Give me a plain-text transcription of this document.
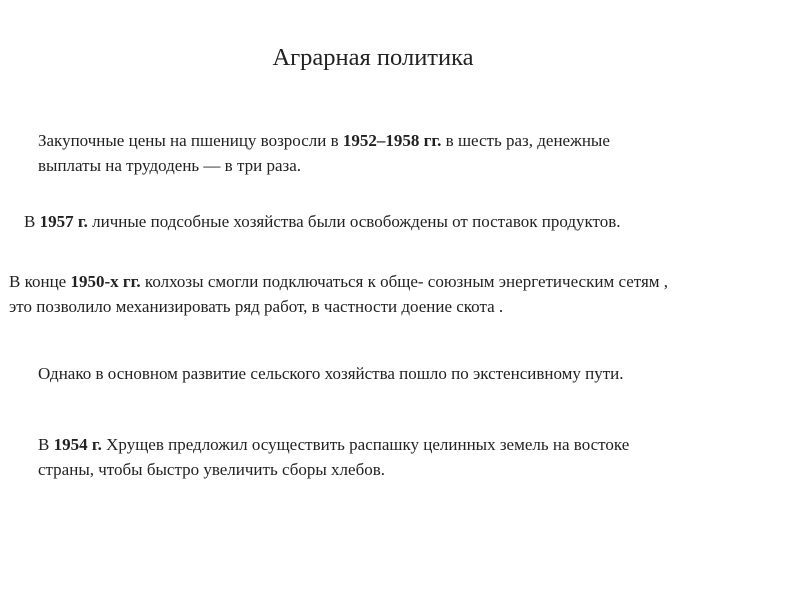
Аграрная политика

Закупочные цены на пшеницу возросли в 1952–1958 гг. в шесть раз, денежные
выплаты на трудодень — в три раза.

В 1957 г. личные подсобные хозяйства были освобождены от поставок продуктов.

В конце 1950-х гг. колхозы смогли подключаться к обще- союзным энергетическим сетям ,
это позволило механизировать ряд работ, в частности доение скота .

Однако в основном развитие сельского хозяйства пошло по экстенсивному пути.

В 1954 г. Хрущев предложил осуществить распашку целинных земель на востоке
страны, чтобы быстро увеличить сборы хлебов.
